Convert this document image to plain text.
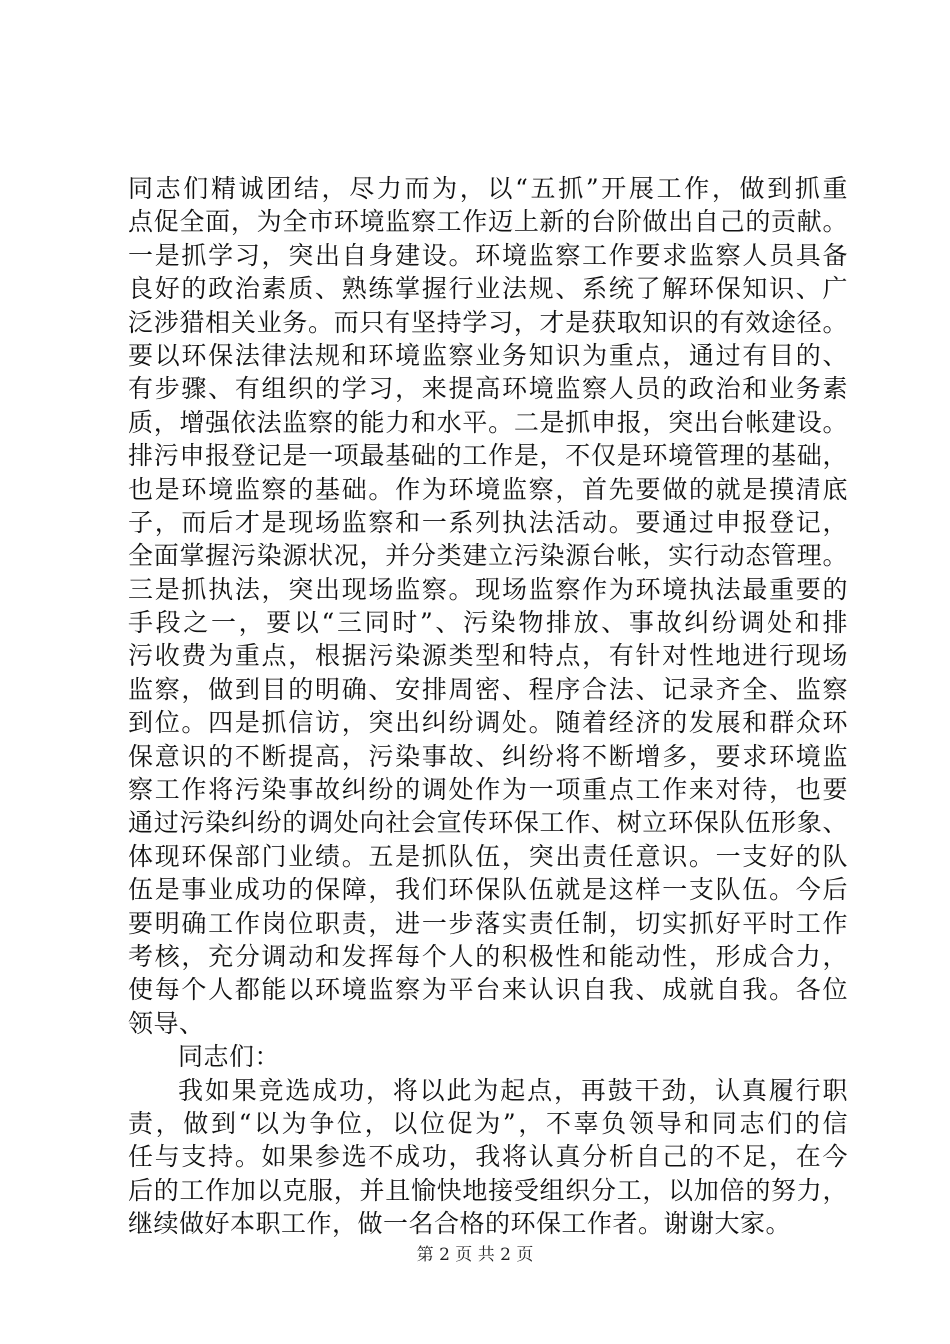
同志们精诚团结，尽力而为，以“五抓”开展工作，做到抓重
点促全面，为全市环境监察工作迈上新的台阶做出自己的贡献。
一是抓学习，突出自身建设。环境监察工作要求监察人员具备
良好的政治素质、熟练掌握行业法规、系统了解环保知识、广
泛涉猎相关业务。而只有坚持学习，才是获取知识的有效途径。
要以环保法律法规和环境监察业务知识为重点，通过有目的、
有步骤、有组织的学习，来提高环境监察人员的政治和业务素
质，增强依法监察的能力和水平。二是抓申报，突出台帐建设。
排污申报登记是一项最基础的工作是，不仅是环境管理的基础，
也是环境监察的基础。作为环境监察，首先要做的就是摸清底
子，而后才是现场监察和一系列执法活动。要通过申报登记，
全面掌握污染源状况，并分类建立污染源台帐，实行动态管理。
三是抓执法，突出现场监察。现场监察作为环境执法最重要的
手段之一，要以“三同时”、污染物排放、事故纠纷调处和排
污收费为重点，根据污染源类型和特点，有针对性地进行现场
监察，做到目的明确、安排周密、程序合法、记录齐全、监察
到位。四是抓信访，突出纠纷调处。随着经济的发展和群众环
保意识的不断提高，污染事故、纠纷将不断增多，要求环境监
察工作将污染事故纠纷的调处作为一项重点工作来对待，也要
通过污染纠纷的调处向社会宣传环保工作、树立环保队伍形象、
体现环保部门业绩。五是抓队伍，突出责任意识。一支好的队
伍是事业成功的保障，我们环保队伍就是这样一支队伍。今后
要明确工作岗位职责，进一步落实责任制，切实抓好平时工作
考核，充分调动和发挥每个人的积极性和能动性，形成合力，
使每个人都能以环境监察为平台来认识自我、成就自我。各位
领导、
同志们：
我如果竞选成功，将以此为起点，再鼓干劲，认真履行职
责，做到“以为争位，以位促为”，不辜负领导和同志们的信
任与支持。如果参选不成功，我将认真分析自己的不足，在今
后的工作加以克服，并且愉快地接受组织分工，以加倍的努力，
继续做好本职工作，做一名合格的环保工作者。谢谢大家。
第 2 页 共 2 页
